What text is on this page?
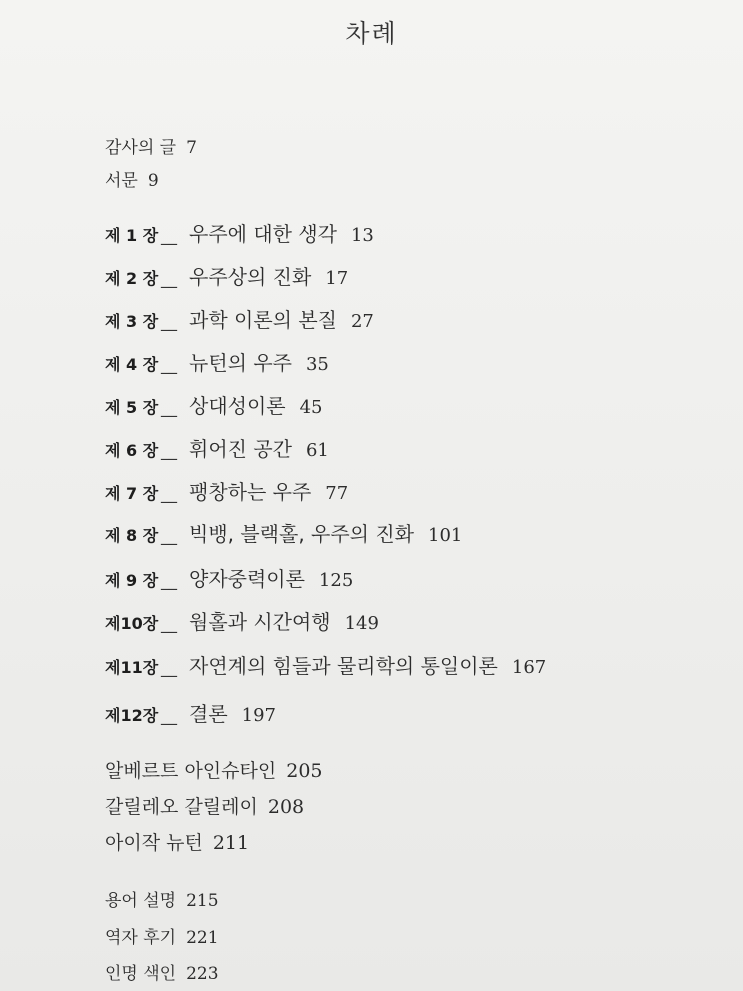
차례
감사의 글 7
서문 9
제 1 장 __ 우주에 대한 생각 13
제 2 장 __ 우주상의 진화 17
제 3 장 __ 과학 이론의 본질 27
제 4 장 __ 뉴턴의 우주 35
제 5 장 __ 상대성이론 45
제 6 장 __ 휘어진 공간 61
제 7 장 __ 팽창하는 우주 77
제 8 장 __ 빅뱅, 블랙홀, 우주의 진화 101
제 9 장 __ 양자중력이론 125
제10장 __ 웜홀과 시간여행 149
제11장 __ 자연계의 힘들과 물리학의 통일이론 167
제12장 __ 결론 197
알베르트 아인슈타인 205
갈릴레오 갈릴레이 208
아이작 뉴턴 211
용어 설명 215
역자 후기 221
인명 색인 223
